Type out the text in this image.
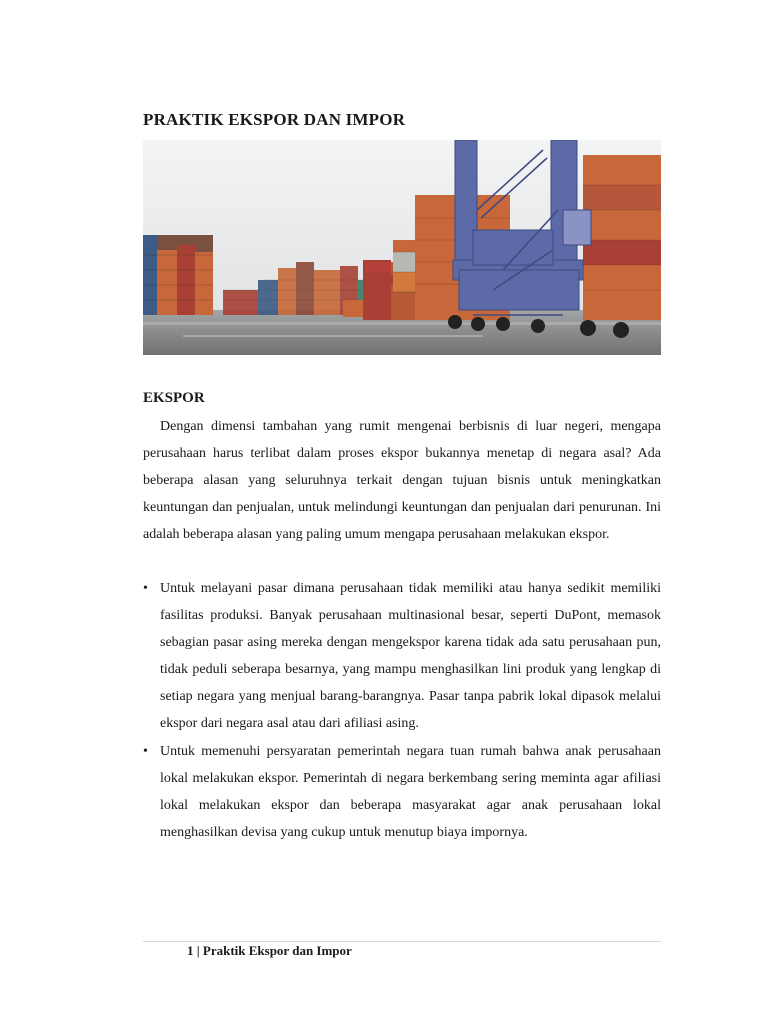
PRAKTIK EKSPOR DAN IMPOR
EKSPOR

Dengan dimensi tambahan yang rumit mengenai berbisnis di luar negeri, mengapa perusahaan harus terlibat dalam proses ekspor bukannya menetap di negara asal? Ada beberapa alasan yang seluruhnya terkait dengan tujuan bisnis untuk meningkatkan keuntungan dan penjualan, untuk melindungi keuntungan dan penjualan dari penurunan. Ini adalah beberapa alasan yang paling umum mengapa perusahaan melakukan ekspor.

• Untuk melayani pasar dimana perusahaan tidak memiliki atau hanya sedikit memiliki fasilitas produksi. Banyak perusahaan multinasional besar, seperti DuPont, memasok sebagian pasar asing mereka dengan mengekspor karena tidak ada satu perusahaan pun, tidak peduli seberapa besarnya, yang mampu menghasilkan lini produk yang lengkap di setiap negara yang menjual barang-barangnya. Pasar tanpa pabrik lokal dipasok melalui ekspor dari negara asal atau dari afiliasi asing.
• Untuk memenuhi persyaratan pemerintah negara tuan rumah bahwa anak perusahaan lokal melakukan ekspor. Pemerintah di negara berkembang sering meminta agar afiliasi lokal melakukan ekspor dan beberapa masyarakat agar anak perusahaan lokal menghasilkan devisa yang cukup untuk menutup biaya impornya.
1 | Praktik Ekspor dan Impor
